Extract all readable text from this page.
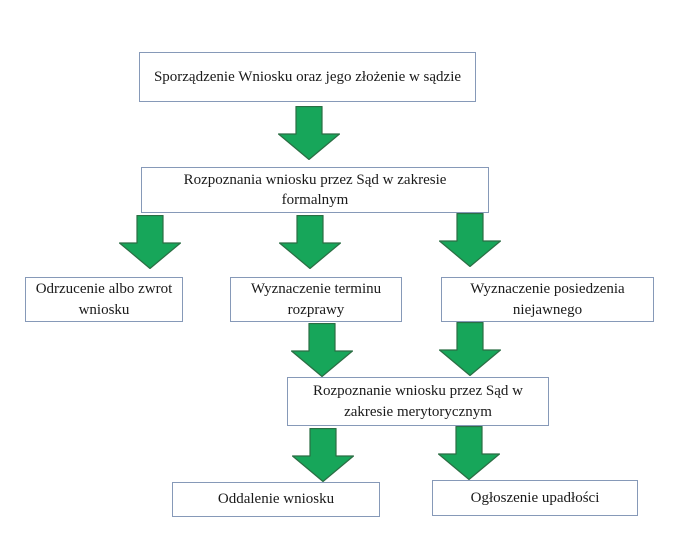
Sporządzenie Wniosku oraz jego złożenie w sądzie
Rozpoznania wniosku przez Sąd w zakresie formalnym
Odrzucenie albo zwrot wniosku
Wyznaczenie terminu rozprawy
Wyznaczenie posiedzenia niejawnego
Rozpoznanie wniosku przez Sąd w zakresie merytorycznym
Oddalenie wniosku	Ogłoszenie upadłości
